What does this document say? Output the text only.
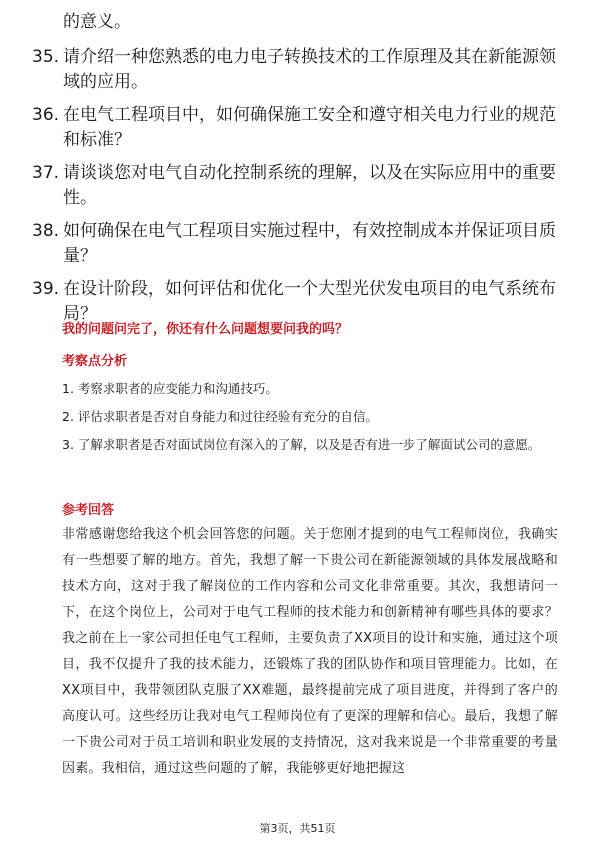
的意义。
35. 请介绍一种您熟悉的电力电子转换技术的工作原理及其在新能源领域的应用。
36. 在电气工程项目中，如何确保施工安全和遵守相关电力行业的规范和标准？
37. 请谈谈您对电气自动化控制系统的理解，以及在实际应用中的重要性。
38. 如何确保在电气工程项目实施过程中，有效控制成本并保证项目质量？
39. 在设计阶段，如何评估和优化一个大型光伏发电项目的电气系统布局？
我的问题问完了，你还有什么问题想要问我的吗？
考察点分析
1. 考察求职者的应变能力和沟通技巧。
2. 评估求职者是否对自身能力和过往经验有充分的自信。
3. 了解求职者是否对面试岗位有深入的了解，以及是否有进一步了解面试公司的意愿。
参考回答
非常感谢您给我这个机会回答您的问题。关于您刚才提到的电气工程师岗位，我确实有一些想要了解的地方。首先，我想了解一下贵公司在新能源领域的具体发展战略和技术方向，这对于我了解岗位的工作内容和公司文化非常重要。其次，我想请问一下，在这个岗位上，公司对于电气工程师的技术能力和创新精神有哪些具体的要求？我之前在上一家公司担任电气工程师，主要负责了XX项目的设计和实施，通过这个项目，我不仅提升了我的技术能力，还锻炼了我的团队协作和项目管理能力。比如，在XX项目中，我带领团队克服了XX难题，最终提前完成了项目进度，并得到了客户的高度认可。这些经历让我对电气工程师岗位有了更深的理解和信心。最后，我想了解一下贵公司对于员工培训和职业发展的支持情况，这对我来说是一个非常重要的考量因素。我相信，通过这些问题的了解，我能够更好地把握这
第3页，共51页
